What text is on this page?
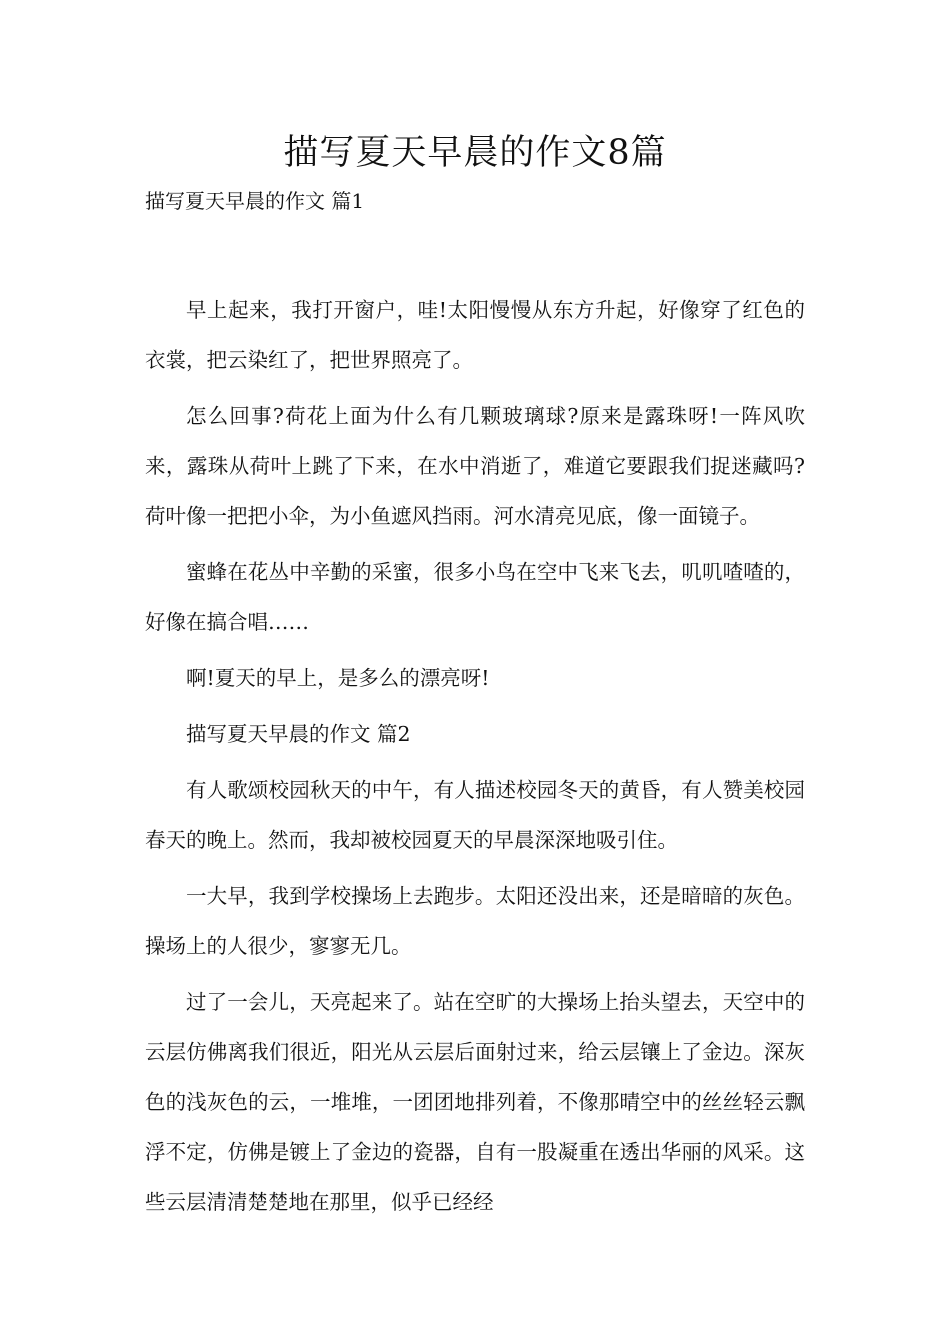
描写夏天早晨的作文8篇

描写夏天早晨的作文 篇1

早上起来，我打开窗户，哇!太阳慢慢从东方升起，好像穿了红色的衣裳，把云染红了，把世界照亮了。

怎么回事?荷花上面为什么有几颗玻璃球?原来是露珠呀!一阵风吹来，露珠从荷叶上跳了下来，在水中消逝了，难道它要跟我们捉迷藏吗?荷叶像一把把小伞，为小鱼遮风挡雨。河水清亮见底，像一面镜子。

蜜蜂在花丛中辛勤的采蜜，很多小鸟在空中飞来飞去，叽叽喳喳的，好像在搞合唱……

啊!夏天的早上，是多么的漂亮呀!

描写夏天早晨的作文 篇2

有人歌颂校园秋天的中午，有人描述校园冬天的黄昏，有人赞美校园春天的晚上。然而，我却被校园夏天的早晨深深地吸引住。

一大早，我到学校操场上去跑步。太阳还没出来，还是暗暗的灰色。操场上的人很少，寥寥无几。

过了一会儿，天亮起来了。站在空旷的大操场上抬头望去，天空中的云层仿佛离我们很近，阳光从云层后面射过来，给云层镶上了金边。深灰色的浅灰色的云，一堆堆，一团团地排列着，不像那晴空中的丝丝轻云飘浮不定，仿佛是镀上了金边的瓷器，自有一股凝重在透出华丽的风采。这些云层清清楚楚地在那里，似乎已经经
